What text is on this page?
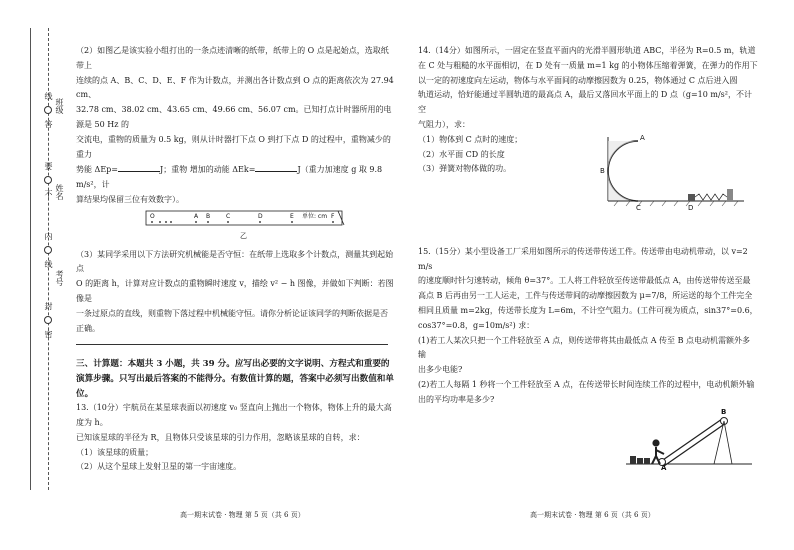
线
答
要
不
内
线
封
密
班级
姓名
考号

（2）如图乙是该实验小组打出的一条点迹清晰的纸带，纸带上的 O 点是起始点，选取纸带上

连续的点 A、B、C、D、E、F 作为计数点，并测出各计数点到 O 点的距离依次为 27.94 cm、

32.78 cm、38.02 cm、43.65 cm、49.66 cm、56.07 cm。已知打点计时器所用的电源是 50 Hz 的

交流电，重物的质量为 0.5 kg，则从计时器打下点 O 到打下点 D 的过程中，重物减少的重力

势能 ΔEp=	J；重物 增加的动能 ΔEk=	J（重力加速度 g 取 9.8 m/s²，计

算结果均保留三位有效数字）。

O	A B	C	D	E	F
单位: cm
乙

（3）某同学采用以下方法研究机械能是否守恒：在纸带上选取多个计数点，测量其到起始点

O 的距离 h，计算对应计数点的重物瞬时速度 v，描绘 v² − h 图像，并做如下判断：若图像是

一条过原点的直线，则重物下落过程中机械能守恒。请你分析论证该同学的判断依据是否正确。

三、计算题：本题共 3 小题，共 39 分。应写出必要的文字说明、方程式和重要的演算步骤。只写出最后答案的不能得分。有数值计算的题，答案中必须写出数值和单位。

13.（10分）宇航员在某星球表面以初速度 v₀ 竖直向上抛出一个物体，物体上升的最大高度为 h。

已知该星球的半径为 R，且物体只受该星球的引力作用，忽略该星球的自转，求：

（1）该星球的质量；

（2）从这个星球上发射卫星的第一宇宙速度。

高一期末试卷 · 物理 第 5 页（共 6 页）

14.（14分）如图所示，一固定在竖直平面内的光滑半圆形轨道 ABC，半径为 R=0.5 m，轨道

在 C 处与粗糙的水平面相切，在 D 处有一质量 m=1 kg 的小物体压缩着弹簧，在弹力的作用下

以一定的初速度向左运动，物体与水平面间的动摩擦因数为 0.25，物体通过 C 点后进入圆

轨道运动，恰好能通过半圆轨道的最高点 A，最后又落回水平面上的 D 点（g=10 m/s²，不计空

气阻力），求：

（1）物体到 C 点时的速度；

（2）水平面 CD 的长度

（3）弹簧对物体做的功。

A
B
C	D

15.（15分）某小型设备工厂采用如图所示的传送带传送工件。传送带由电动机带动，以 v=2 m/s

的速度顺时针匀速转动，倾角 θ=37°。工人将工件轻放至传送带最低点 A，由传送带传送至最

高点 B 后再由另一工人运走，工件与传送带间的动摩擦因数为 μ=7/8，所运送的每个工件完全

相同且质量 m=2kg，传送带长度为 L=6m，不计空气阻力。(工件可视为质点，sin37°=0.6，

cos37°=0.8，g=10m/s²) 求：

(1)若工人某次只把一个工件轻放至 A 点，则传送带将其由最低点 A 传至 B 点电动机需额外多输

出多少电能?

(2)若工人每隔 1 秒将一个工件轻放至 A 点，在传送带长时间连续工作的过程中，电动机额外输

出的平均功率是多少?

B
A
高一期末试卷 · 物理 第 6 页（共 6 页）
